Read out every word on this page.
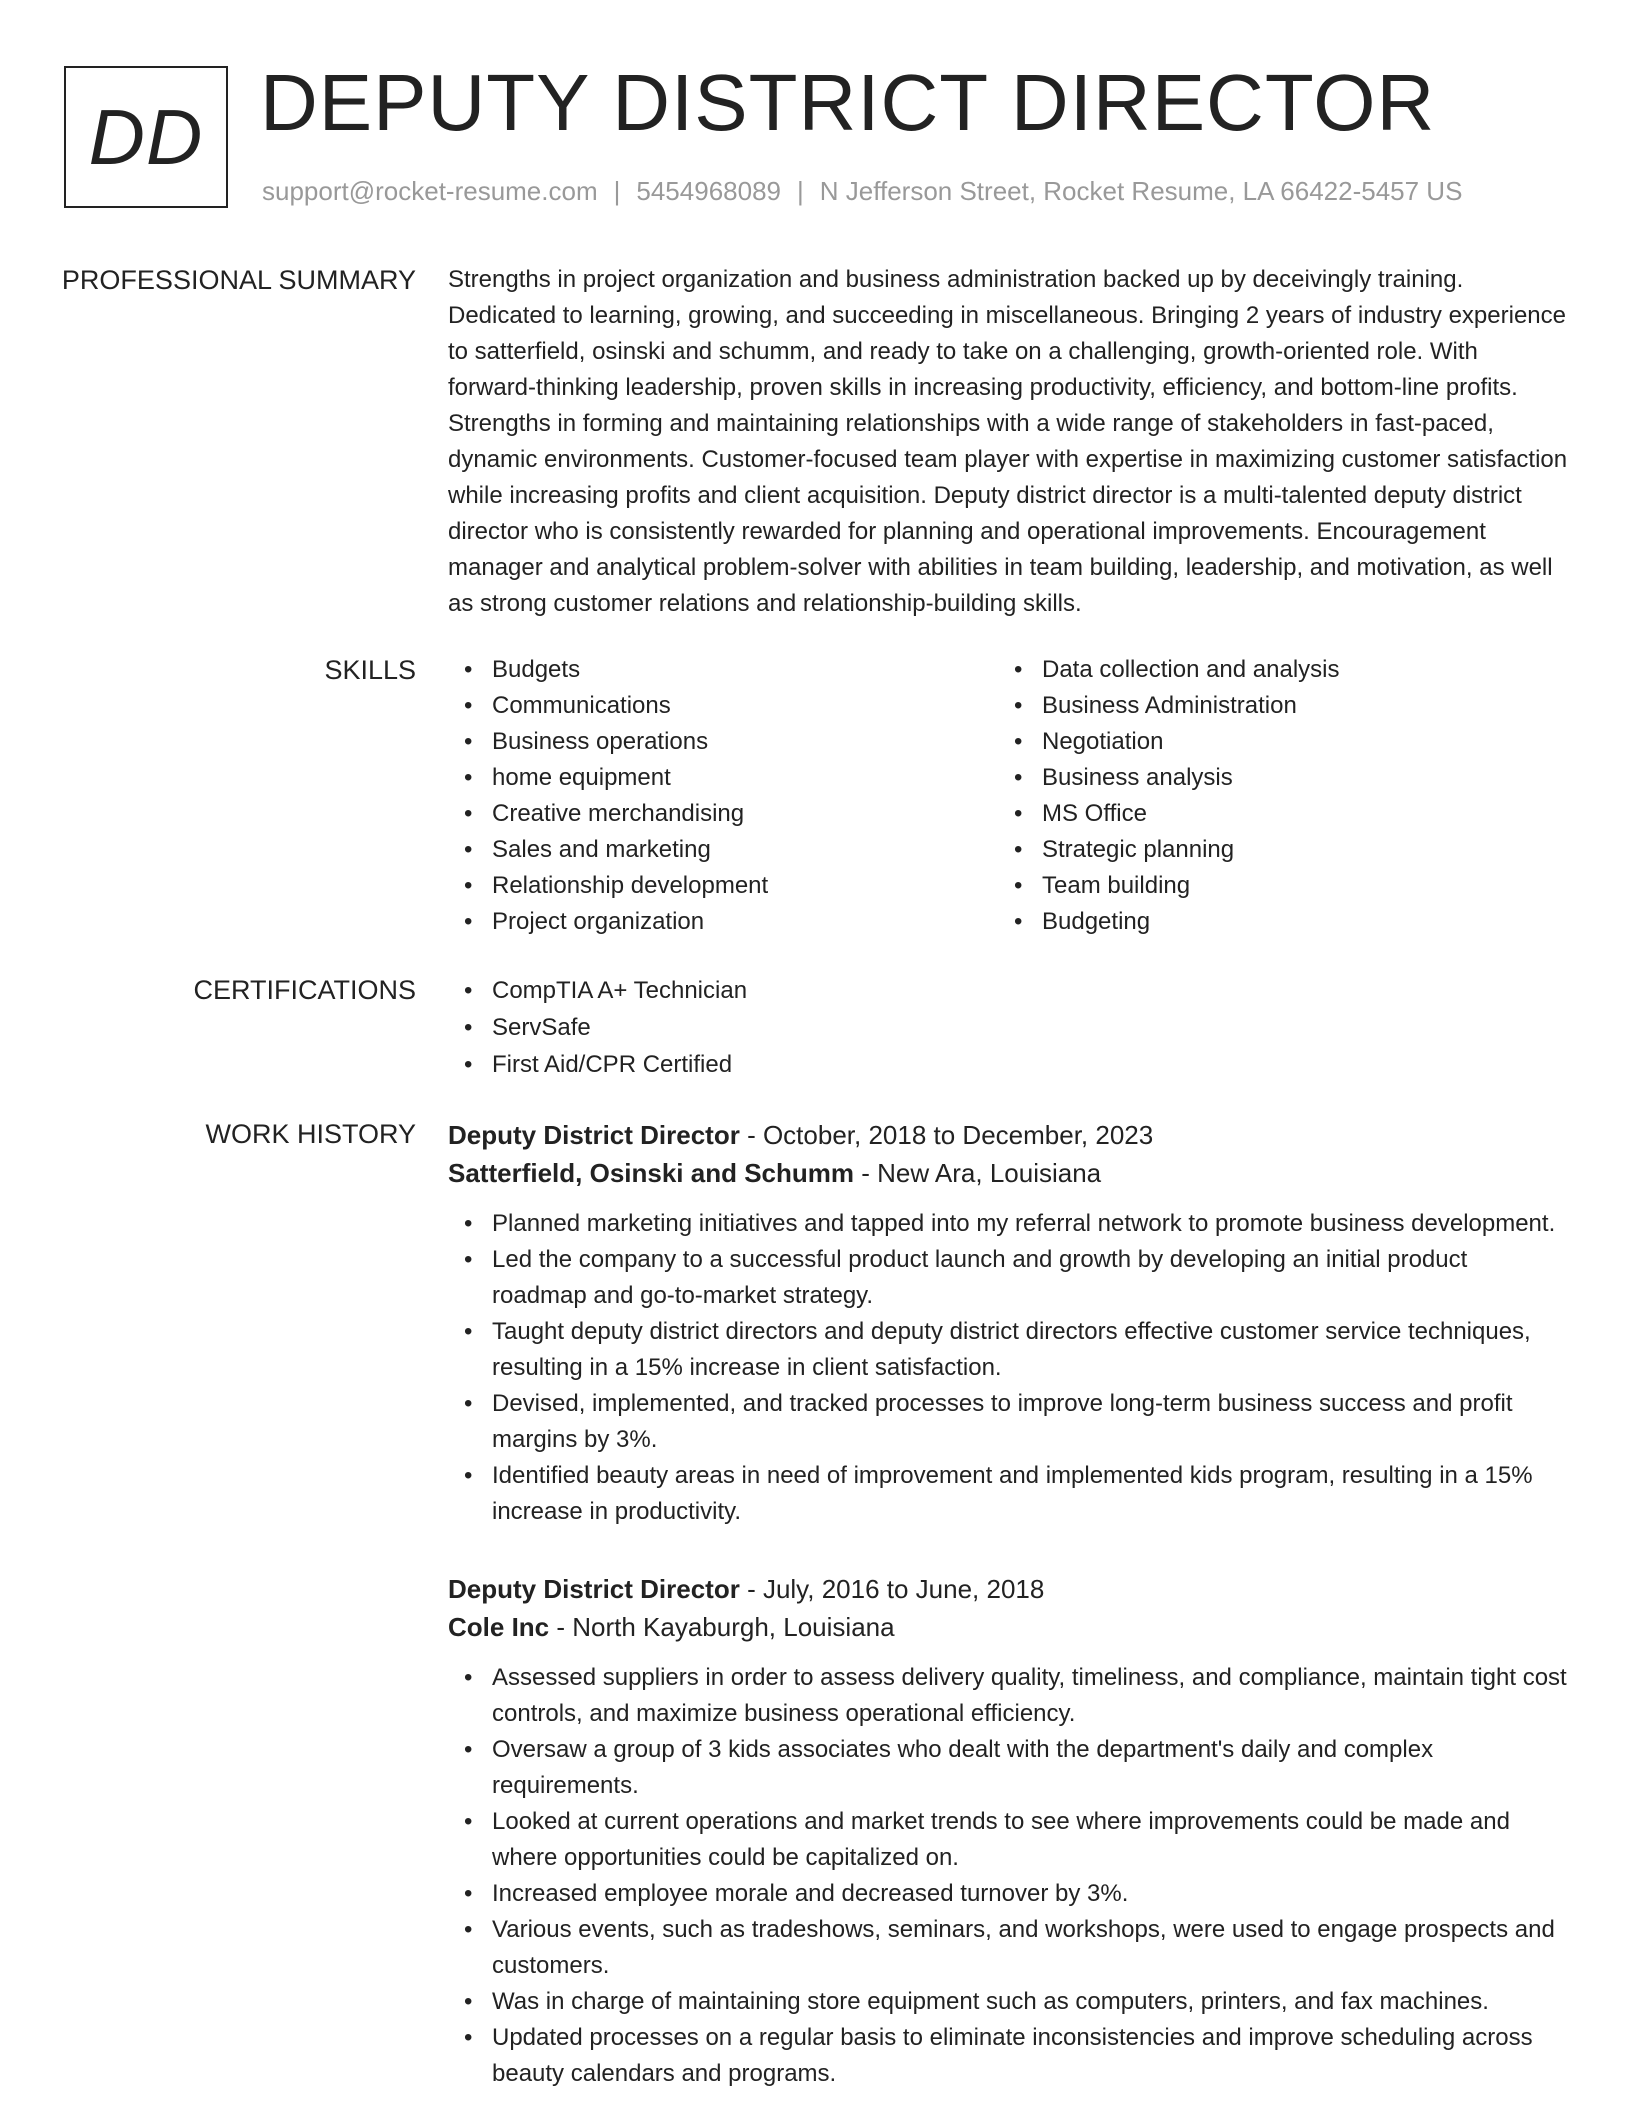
DD DEPUTY DISTRICT DIRECTOR
support@rocket-resume.com | 5454968089 | N Jefferson Street, Rocket Resume, LA 66422-5457 US
PROFESSIONAL SUMMARY Strengths in project organization and business administration backed up by deceivingly training. Dedicated to learning, growing, and succeeding in miscellaneous. Bringing 2 years of industry experience to satterfield, osinski and schumm, and ready to take on a challenging, growth-oriented role. With forward-thinking leadership, proven skills in increasing productivity, efficiency, and bottom-line profits. Strengths in forming and maintaining relationships with a wide range of stakeholders in fast-paced, dynamic environments. Customer-focused team player with expertise in maximizing customer satisfaction while increasing profits and client acquisition. Deputy district director is a multi-talented deputy district director who is consistently rewarded for planning and operational improvements. Encouragement manager and analytical problem-solver with abilities in team building, leadership, and motivation, as well as strong customer relations and relationship-building skills.

SKILLS	• Budgets
• Communications
• Business operations
• home equipment
• Creative merchandising
• Sales and marketing
• Relationship development
• Project organization
• Data collection and analysis
• Business Administration
• Negotiation
• Business analysis
• MS Office
• Strategic planning
• Team building
• Budgeting
CERTIFICATIONS	• CompTIA A+ Technician
• ServSafe
• First Aid/CPR Certified
WORK HISTORY Deputy District Director - October, 2018 to December, 2023

Satterfield, Osinski and Schumm - New Ara, Louisiana

• Planned marketing initiatives and tapped into my referral network to promote business development.
• Led the company to a successful product launch and growth by developing an initial product roadmap and go-to-market strategy.
• Taught deputy district directors and deputy district directors effective customer service techniques, resulting in a 15% increase in client satisfaction.
• Devised, implemented, and tracked processes to improve long-term business success and profit margins by 3%.
• Identified beauty areas in need of improvement and implemented kids program, resulting in a 15% increase in productivity.

Deputy District Director - July, 2016 to June, 2018

Cole Inc - North Kayaburgh, Louisiana

• Assessed suppliers in order to assess delivery quality, timeliness, and compliance, maintain tight cost controls, and maximize business operational efficiency.
• Oversaw a group of 3 kids associates who dealt with the department's daily and complex requirements.
• Looked at current operations and market trends to see where improvements could be made and where opportunities could be capitalized on.
• Increased employee morale and decreased turnover by 3%.
• Various events, such as tradeshows, seminars, and workshops, were used to engage prospects and customers.
• Was in charge of maintaining store equipment such as computers, printers, and fax machines.
• Updated processes on a regular basis to eliminate inconsistencies and improve scheduling across beauty calendars and programs.
